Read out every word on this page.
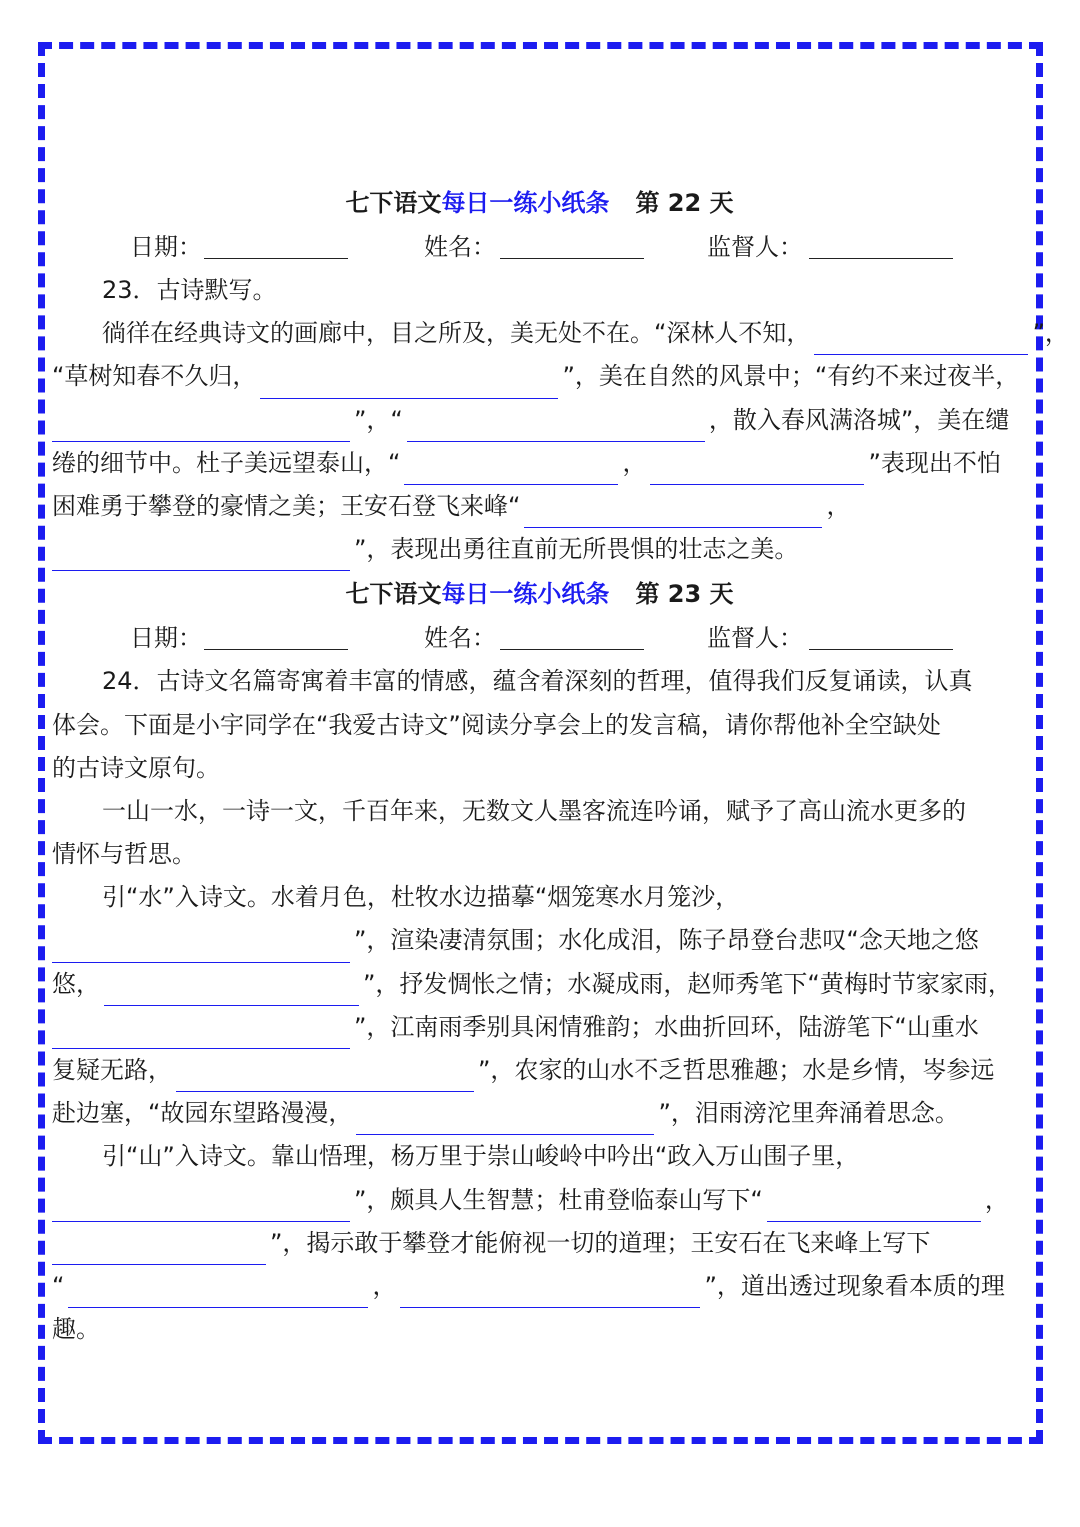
七下语文每日一练小纸条 第 22 天
日期：	姓名：	监督人：
23．古诗默写。
徜徉在经典诗文的画廊中，目之所及，美无处不在。“深林人不知，	”，
“草树知春不久归，	”，美在自然的风景中；“有约不来过夜半，
”，“	，散入春风满洛城”，美在缱
绻的细节中。杜子美远望泰山，“	，	”表现出不怕
困难勇于攀登的豪情之美；王安石登飞来峰“	，
”，表现出勇往直前无所畏惧的壮志之美。
七下语文每日一练小纸条 第 23 天
日期：	姓名：	监督人：
24．古诗文名篇寄寓着丰富的情感，蕴含着深刻的哲理，值得我们反复诵读，认真
体会。下面是小宇同学在“我爱古诗文”阅读分享会上的发言稿，请你帮他补全空缺处
的古诗文原句。
一山一水，一诗一文，千百年来，无数文人墨客流连吟诵，赋予了高山流水更多的
情怀与哲思。
引“水”入诗文。水着月色，杜牧水边描摹“烟笼寒水月笼沙，
”，渲染凄清氛围；水化成泪，陈子昂登台悲叹“念天地之悠
悠，	”，抒发惆怅之情；水凝成雨，赵师秀笔下“黄梅时节家家雨，
”，江南雨季别具闲情雅韵；水曲折回环，陆游笔下“山重水
复疑无路，	”，农家的山水不乏哲思雅趣；水是乡情，岑参远
赴边塞，“故园东望路漫漫，	”，泪雨滂沱里奔涌着思念。
引“山”入诗文。靠山悟理，杨万里于崇山峻岭中吟出“政入万山围子里，
”，颇具人生智慧；杜甫登临泰山写下“	，
”，揭示敢于攀登才能俯视一切的道理；王安石在飞来峰上写下
“	，	”，道出透过现象看本质的理
趣。
